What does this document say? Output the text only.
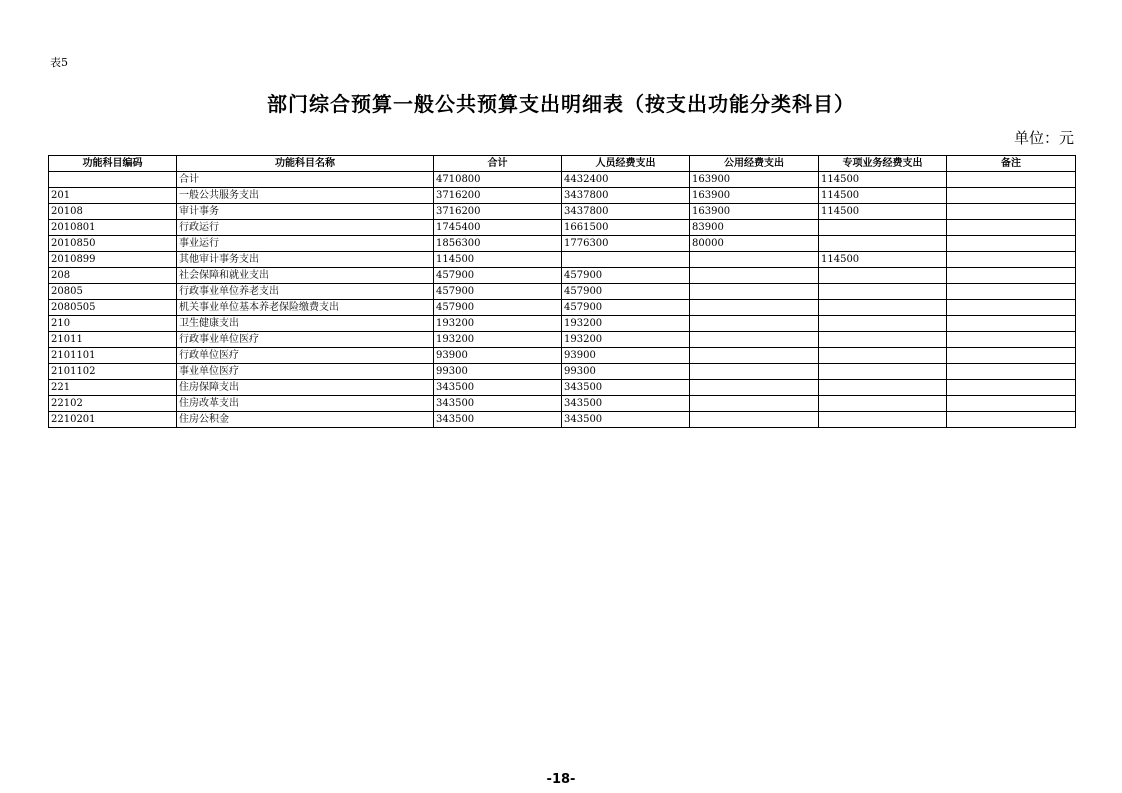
表5
部门综合预算一般公共预算支出明细表（按支出功能分类科目）
单位：元
功能科目编码	功能科目名称	合计	人员经费支出	公用经费支出	专项业务经费支出	备注
	合计	4710800	4432400	163900	114500	
201	一般公共服务支出	3716200	3437800	163900	114500	
20108	审计事务	3716200	3437800	163900	114500	
2010801	行政运行	1745400	1661500	83900		
2010850	事业运行	1856300	1776300	80000		
2010899	其他审计事务支出	114500			114500	
208	社会保障和就业支出	457900	457900			
20805	行政事业单位养老支出	457900	457900			
2080505	机关事业单位基本养老保险缴费支出	457900	457900			
210	卫生健康支出	193200	193200			
21011	行政事业单位医疗	193200	193200			
2101101	行政单位医疗	93900	93900			
2101102	事业单位医疗	99300	99300			
221	住房保障支出	343500	343500			
22102	住房改革支出	343500	343500			
2210201	住房公积金	343500	343500			
-18-
